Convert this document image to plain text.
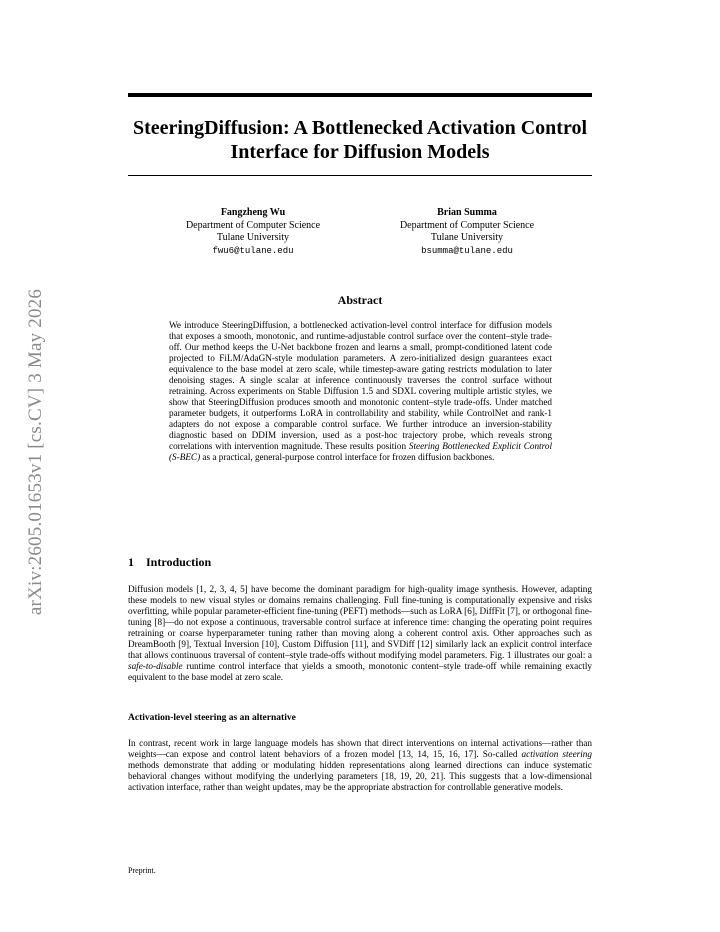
arXiv:2605.01653v1 [cs.CV] 3 May 2026
SteeringDiffusion: A Bottlenecked Activation Control Interface for Diffusion Models
Fangzheng Wu
Department of Computer Science
Tulane University
fwu6@tulane.edu
Brian Summa
Department of Computer Science
Tulane University
bsumma@tulane.edu
Abstract
We introduce SteeringDiffusion, a bottlenecked activation-level control interface for diffusion models that exposes a smooth, monotonic, and runtime-adjustable control surface over the content–style trade-off. Our method keeps the U-Net backbone frozen and learns a small, prompt-conditioned latent code projected to FiLM/AdaGN-style modulation parameters. A zero-initialized design guarantees exact equivalence to the base model at zero scale, while timestep-aware gating restricts modulation to later denoising stages. A single scalar at inference continuously traverses the control surface without retraining. Across experiments on Stable Diffusion 1.5 and SDXL covering multiple artistic styles, we show that SteeringDiffusion produces smooth and monotonic content–style trade-offs. Under matched parameter budgets, it outperforms LoRA in controllability and stability, while ControlNet and rank-1 adapters do not expose a comparable control surface. We further introduce an inversion-stability diagnostic based on DDIM inversion, used as a post-hoc trajectory probe, which reveals strong correlations with intervention magnitude. These results position Steering Bottlenecked Explicit Control (S-BEC) as a practical, general-purpose control interface for frozen diffusion backbones.
1 Introduction
Diffusion models [1, 2, 3, 4, 5] have become the dominant paradigm for high-quality image synthesis. However, adapting these models to new visual styles or domains remains challenging. Full fine-tuning is computationally expensive and risks overfitting, while popular parameter-efficient fine-tuning (PEFT) methods—such as LoRA [6], DiffFit [7], or orthogonal fine-tuning [8]—do not expose a continuous, traversable control surface at inference time: changing the operating point requires retraining or coarse hyperparameter tuning rather than moving along a coherent control axis. Other approaches such as DreamBooth [9], Textual Inversion [10], Custom Diffusion [11], and SVDiff [12] similarly lack an explicit control interface that allows continuous traversal of content–style trade-offs without modifying model parameters. Fig. 1 illustrates our goal: a safe-to-disable runtime control interface that yields a smooth, monotonic content–style trade-off while remaining exactly equivalent to the base model at zero scale.
Activation-level steering as an alternative
In contrast, recent work in large language models has shown that direct interventions on internal activations—rather than weights—can expose and control latent behaviors of a frozen model [13, 14, 15, 16, 17]. So-called activation steering methods demonstrate that adding or modulating hidden representations along learned directions can induce systematic behavioral changes without modifying the underlying parameters [18, 19, 20, 21]. This suggests that a low-dimensional activation interface, rather than weight updates, may be the appropriate abstraction for controllable generative models.
Preprint.
